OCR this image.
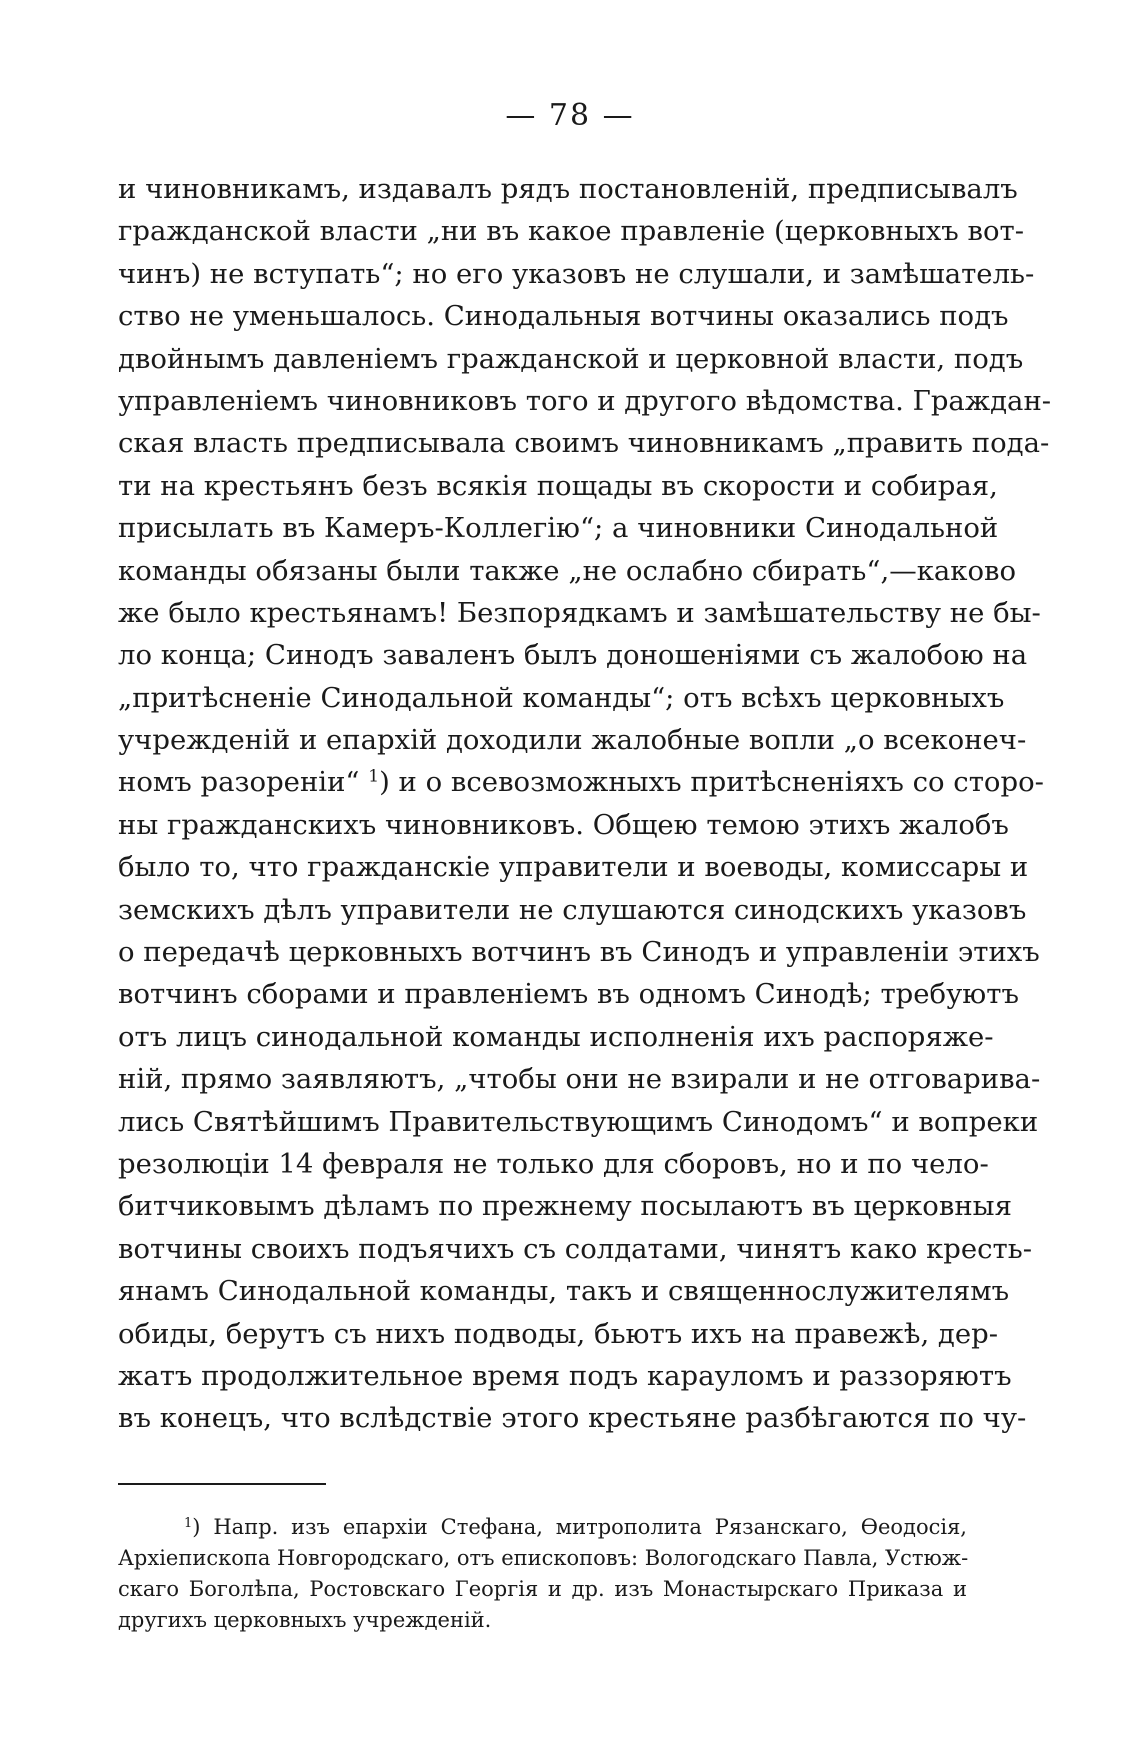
— 78 —
и чиновникамъ, издавалъ рядъ постановленій, предписывалъ
гражданской власти „ни въ какое правленіе (церковныхъ вот-
чинъ) не вступать“; но его указовъ не слушали, и замѣшатель-
ство не уменьшалось. Синодальныя вотчины оказались подъ
двойнымъ давленіемъ гражданской и церковной власти, подъ
управленіемъ чиновниковъ того и другого вѣдомства. Граждан-
ская власть предписывала своимъ чиновникамъ „править пода-
ти на крестьянъ безъ всякія пощады въ скорости и собирая,
присылать въ Камеръ-Коллегію“; а чиновники Синодальной
команды обязаны были также „не ослабно сбирать“,—каково
же было крестьянамъ! Безпорядкамъ и замѣшательству не бы-
ло конца; Синодъ заваленъ былъ доношеніями съ жалобою на
„притѣсненіе Синодальной команды“; отъ всѣхъ церковныхъ
учрежденій и епархій доходили жалобные вопли „о всеконеч-
номъ разореніи“ $^1$) и о всевозможныхъ притѣсненіяхъ со сторо-
ны гражданскихъ чиновниковъ. Общею темою этихъ жалобъ
было то, что гражданскіе управители и воеводы, комиссары и
земскихъ дѣлъ управители не слушаются синодскихъ указовъ
о передачѣ церковныхъ вотчинъ въ Синодъ и управленіи этихъ
вотчинъ сборами и правленіемъ въ одномъ Синодѣ; требуютъ
отъ лицъ синодальной команды исполненія ихъ распоряже-
ній, прямо заявляютъ, „чтобы они не взирали и не отговарива-
лись Святѣйшимъ Правительствующимъ Синодомъ“ и вопреки
резолюціи 14 февраля не только для сборовъ, но и по чело-
битчиковымъ дѣламъ по прежнему посылаютъ въ церковныя
вотчины своихъ подъячихъ съ солдатами, чинятъ како кресть-
янамъ Синодальной команды, такъ и священнослужителямъ
обиды, берутъ съ нихъ подводы, бьютъ ихъ на правежѣ, дер-
жатъ продолжительное время подъ карауломъ и раззоряютъ
въ конецъ, что вслѣдствіе этого крестьяне разбѣгаются по чу-
$^1$) Напр. изъ епархіи Стефана, митрополита Рязанскаго, Ѳеодосія,
Архіепископа Новгородскаго, отъ епископовъ: Вологодскаго Павла, Устюж-
скаго Боголѣпа, Ростовскаго Георгія и др. изъ Монастырскаго Приказа и
другихъ церковныхъ учрежденій.
